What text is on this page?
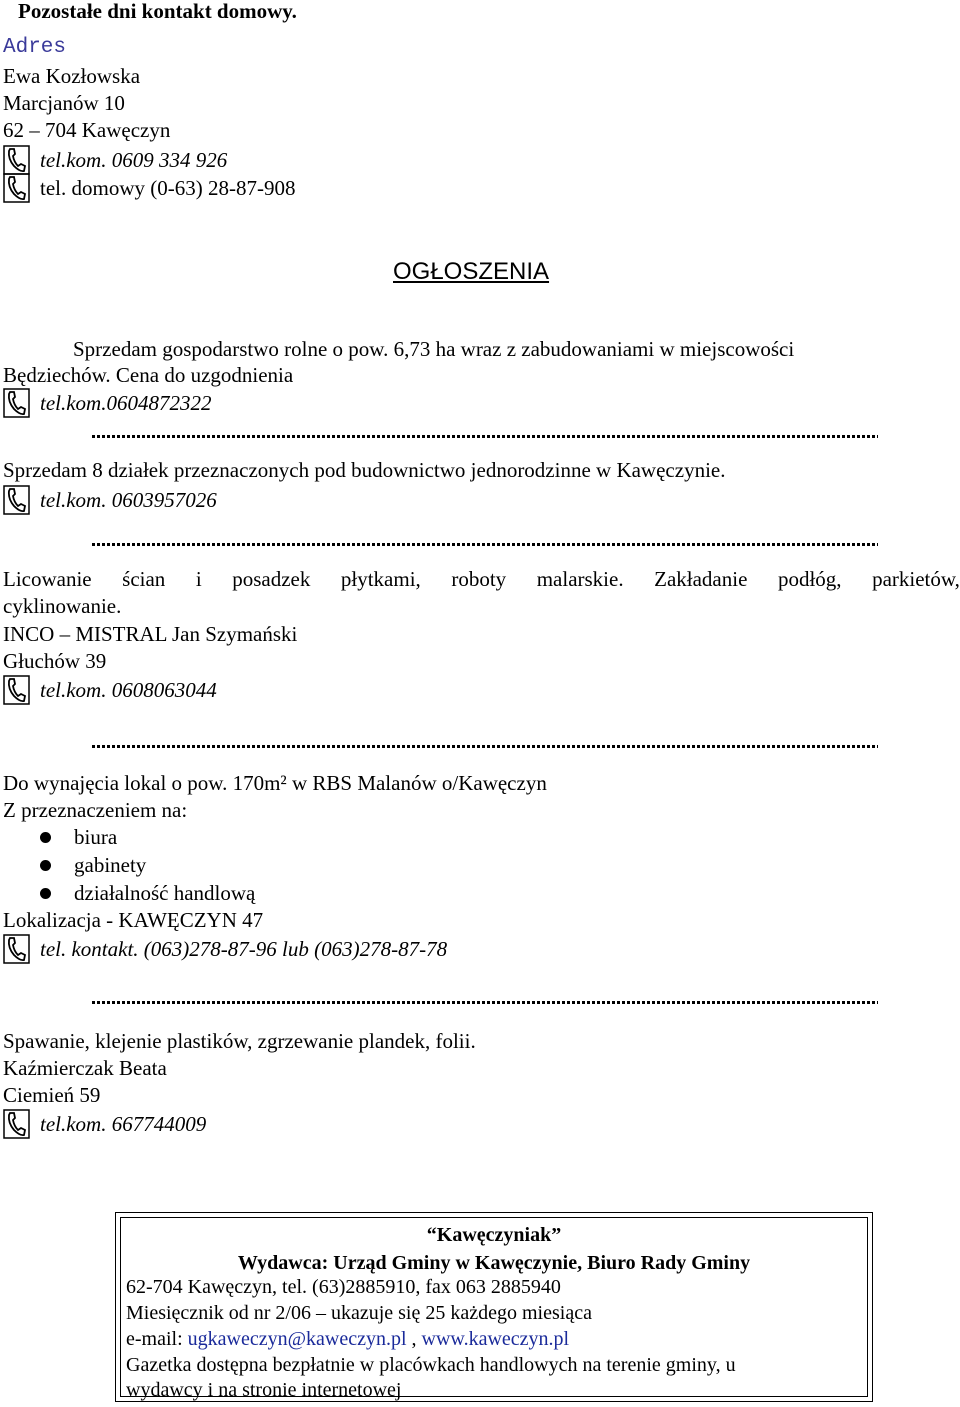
Pozostałe dni kontakt domowy.
Adres
Ewa Kozłowska
Marcjanów 10
62 – 704 Kawęczyn
tel.kom. 0609 334 926
tel. domowy (0-63) 28-87-908
OGŁOSZENIA
Sprzedam gospodarstwo rolne o pow. 6,73 ha wraz z zabudowaniami w miejscowości
Będziechów. Cena do uzgodnienia
tel.kom.0604872322
Sprzedam 8 działek przeznaczonych pod budownictwo jednorodzinne w Kawęczynie.
tel.kom. 0603957026
Licowanie ścian i posadzek płytkami, roboty malarskie. Zakładanie podłóg, parkietów,
cyklinowanie.
INCO – MISTRAL Jan Szymański
Głuchów 39
tel.kom. 0608063044
Do wynajęcia lokal o pow. 170m² w RBS Malanów o/Kawęczyn
Z przeznaczeniem na:
biura
gabinety
działalność handlową
Lokalizacja - KAWĘCZYN 47
tel. kontakt. (063)278-87-96 lub (063)278-87-78
Spawanie, klejenie plastików, zgrzewanie plandek, folii.
Kaźmierczak Beata
Ciemień 59
tel.kom. 667744009
“Kawęczyniak”
Wydawca: Urząd Gminy w Kawęczynie, Biuro Rady Gminy
62-704 Kawęczyn, tel. (63)2885910, fax 063 2885940
Miesięcznik od nr 2/06 – ukazuje się 25 każdego miesiąca
e-mail: ugkaweczyn@kaweczyn.pl , www.kaweczyn.pl
Gazetka dostępna bezpłatnie w placówkach handlowych na terenie gminy, u
wydawcy i na stronie internetowej
